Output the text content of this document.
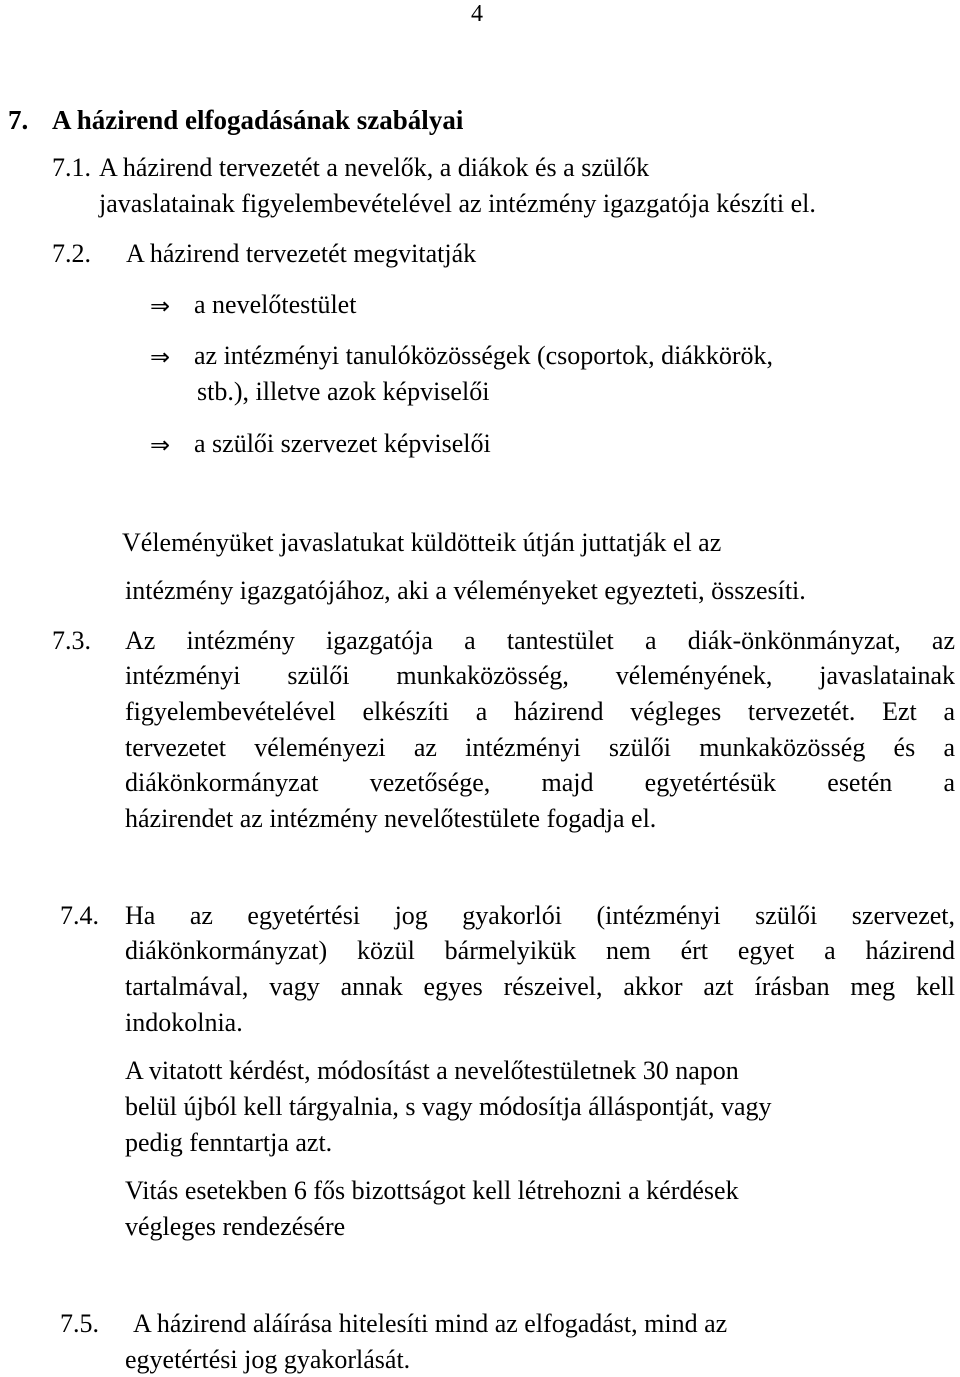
4
7. A házirend elfogadásának szabályai
7.1. A házirend tervezetét a nevelők, a diákok és a szülők
javaslatainak figyelembevételével az intézmény igazgatója készíti el.
7.2. A házirend tervezetét megvitatják
⇒ a nevelőtestület
⇒ az intézményi tanulóközösségek (csoportok, diákkörök,
stb.), illetve azok képviselői
⇒ a szülői szervezet képviselői
Véleményüket javaslatukat küldötteik útján juttatják el az
intézmény igazgatójához, aki a véleményeket egyezteti, összesíti.
7.3. Az intézmény igazgatója a tantestület a diák-önkönmányzat, az
intézményi szülői munkaközösség, véleményének, javaslatainak
figyelembevételével elkészíti a házirend végleges tervezetét. Ezt a
tervezetet véleményezi az intézményi szülői munkaközösség és a
diákönkormányzat vezetősége, majd egyetértésük esetén a
házirendet az intézmény nevelőtestülete fogadja el.
7.4. Ha az egyetértési jog gyakorlói (intézményi szülői szervezet,
diákönkormányzat) közül bármelyikük nem ért egyet a házirend
tartalmával, vagy annak egyes részeivel, akkor azt írásban meg kell
indokolnia.
A vitatott kérdést, módosítást a nevelőtestületnek 30 napon
belül újból kell tárgyalnia, s vagy módosítja álláspontját, vagy
pedig fenntartja azt.
Vitás esetekben 6 fős bizottságot kell létrehozni a kérdések
végleges rendezésére
7.5. A házirend aláírása hitelesíti mind az elfogadást, mind az
egyetértési jog gyakorlását.
